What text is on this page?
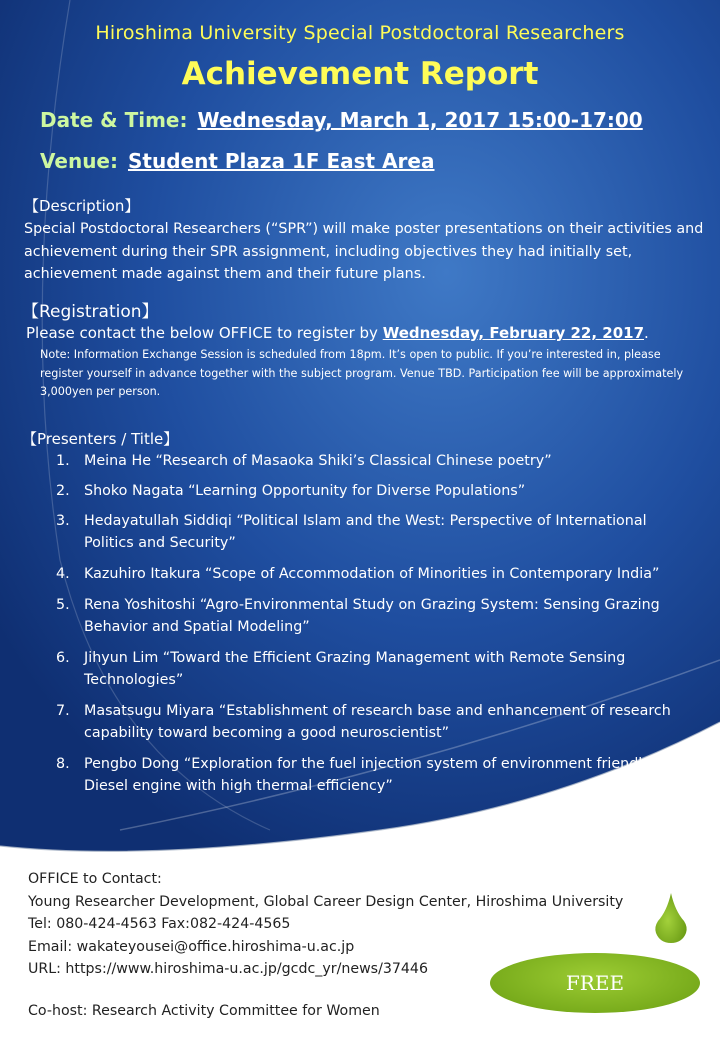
Hiroshima University Special Postdoctoral Researchers
Achievement Report
Date & Time: Wednesday, March 1, 2017 15:00-17:00
Venue: Student Plaza 1F East Area
【Description】
Special Postdoctoral Researchers (“SPR”) will make poster presentations on their activities and achievement during their SPR assignment, including objectives they had initially set, achievement made against them and their future plans.
【Registration】
Please contact the below OFFICE to register by Wednesday, February 22, 2017.
Note: Information Exchange Session is scheduled from 18pm. It’s open to public. If you’re interested in, please register yourself in advance together with the subject program. Venue TBD. Participation fee will be approximately 3,000yen per person.
【Presenters / Title】
1. Meina He “Research of Masaoka Shiki’s Classical Chinese poetry”
2. Shoko Nagata “Learning Opportunity for Diverse Populations”
3. Hedayatullah Siddiqi “Political Islam and the West: Perspective of International Politics and Security”
4. Kazuhiro Itakura “Scope of Accommodation of Minorities in Contemporary India”
5. Rena Yoshitoshi “Agro-Environmental Study on Grazing System: Sensing Grazing Behavior and Spatial Modeling”
6. Jihyun Lim “Toward the Efficient Grazing Management with Remote Sensing Technologies”
7. Masatsugu Miyara “Establishment of research base and enhancement of research capability toward becoming a good neuroscientist”
8. Pengbo Dong “Exploration for the fuel injection system of environment friendly clean Diesel engine with high thermal efficiency”
OFFICE to Contact:
Young Researcher Development, Global Career Design Center, Hiroshima University
Tel: 080-424-4563 Fax:082-424-4565
Email: wakateyousei@office.hiroshima-u.ac.jp
URL: https://www.hiroshima-u.ac.jp/gcdc_yr/news/37446
Co-host: Research Activity Committee for Women
FREE
